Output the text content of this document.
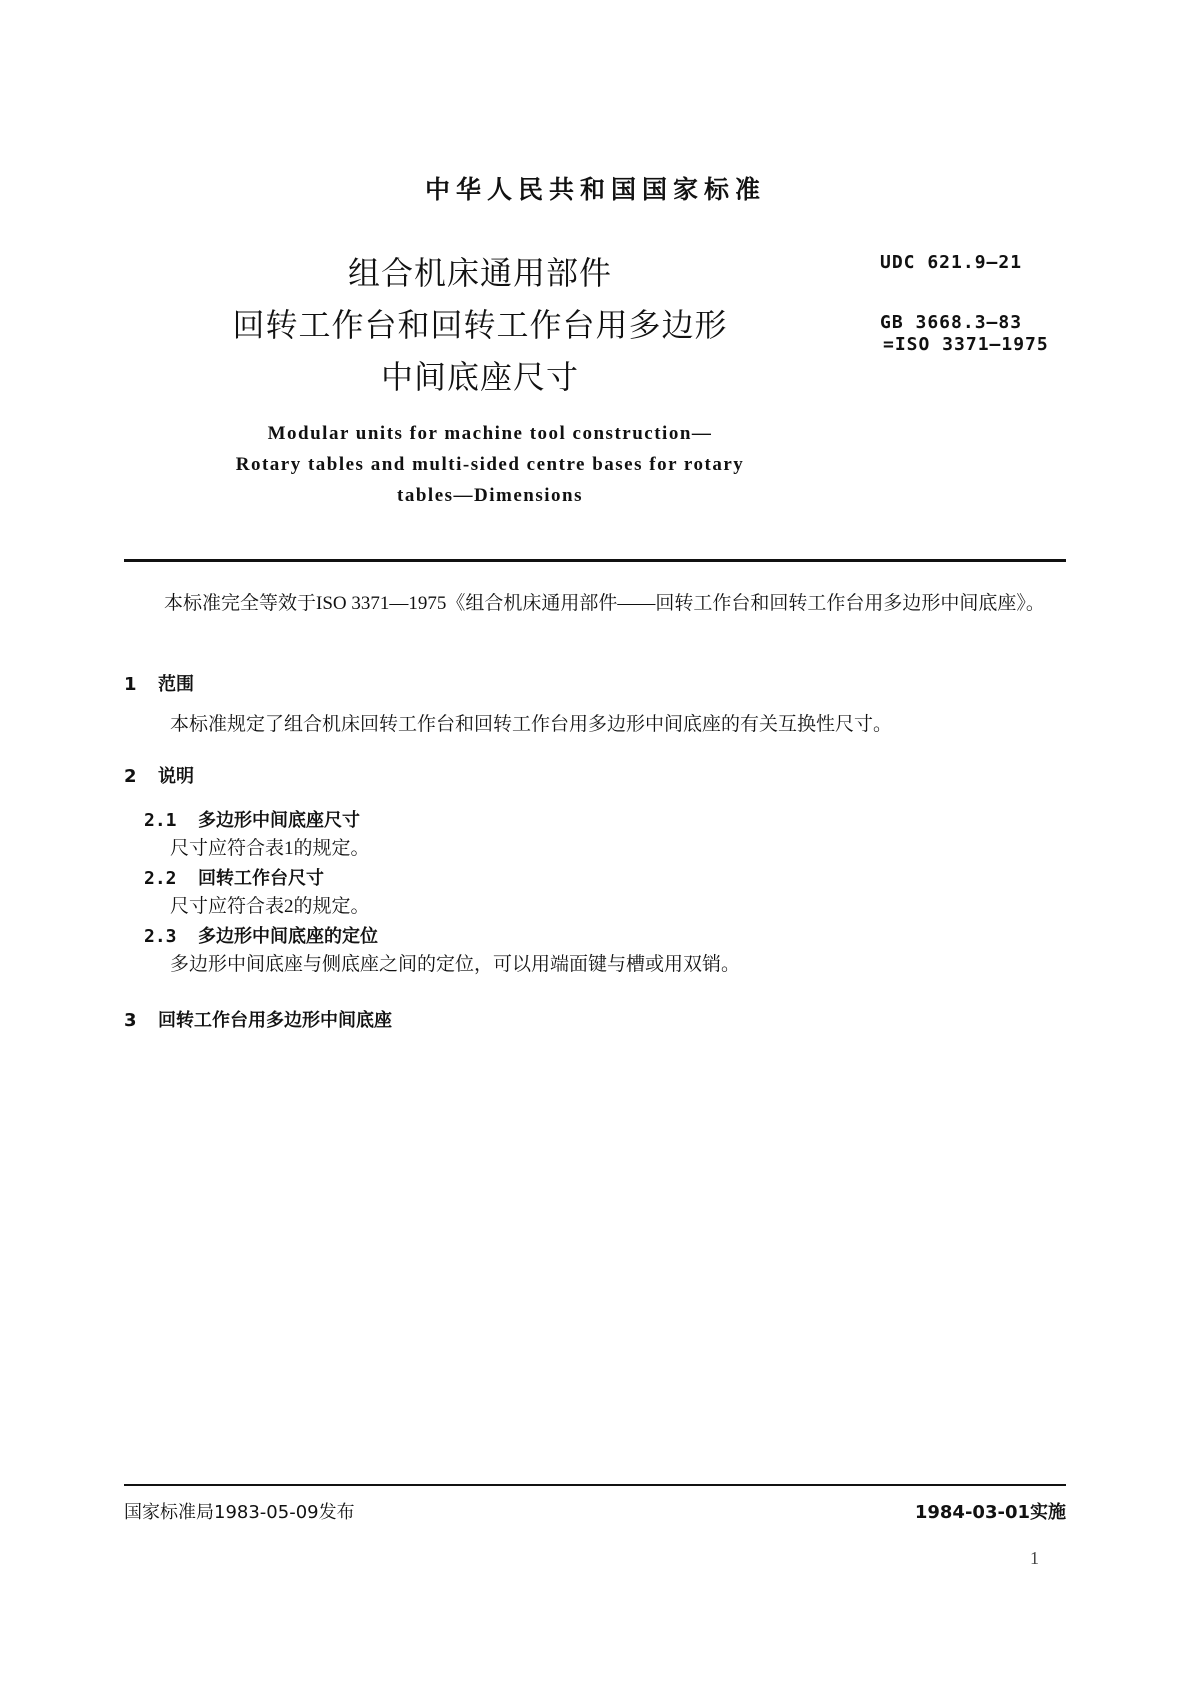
中华人民共和国国家标准
组合机床通用部件
回转工作台和回转工作台用多边形
中间底座尺寸
UDC 621.9—21
GB 3668.3—83
=ISO 3371—1975
Modular units for machine tool construction—
Rotary tables and multi-sided centre bases for rotary
tables—Dimensions
本标准完全等效于ISO 3371—1975《组合机床通用部件——回转工作台和回转工作台用多边形中间底座》。
1 范围
本标准规定了组合机床回转工作台和回转工作台用多边形中间底座的有关互换性尺寸。
2 说明
2.1 多边形中间底座尺寸
尺寸应符合表1的规定。
2.2 回转工作台尺寸
尺寸应符合表2的规定。
2.3 多边形中间底座的定位
多边形中间底座与侧底座之间的定位，可以用端面键与槽或用双销。
3 回转工作台用多边形中间底座
国家标准局1983-05-09发布	1984-03-01实施
1
